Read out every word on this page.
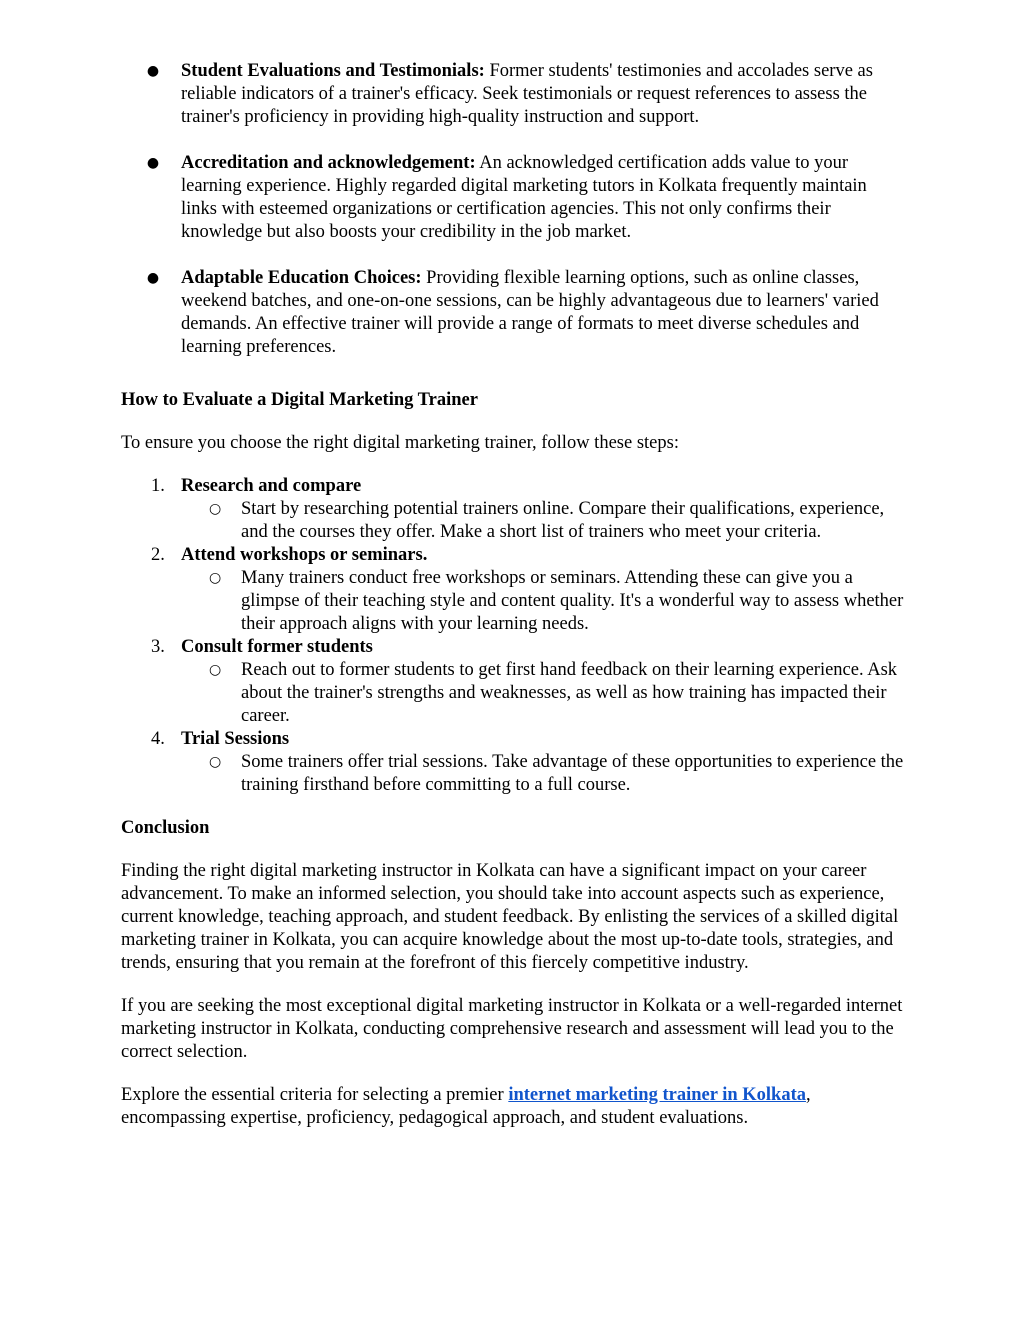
● Student Evaluations and Testimonials: Former students' testimonies and accolades serve as reliable indicators of a trainer's efficacy. Seek testimonials or request references to assess the trainer's proficiency in providing high-quality instruction and support.
● Accreditation and acknowledgement: An acknowledged certification adds value to your learning experience. Highly regarded digital marketing tutors in Kolkata frequently maintain links with esteemed organizations or certification agencies. This not only confirms their knowledge but also boosts your credibility in the job market.
● Adaptable Education Choices: Providing flexible learning options, such as online classes, weekend batches, and one-on-one sessions, can be highly advantageous due to learners' varied demands. An effective trainer will provide a range of formats to meet diverse schedules and learning preferences.
How to Evaluate a Digital Marketing Trainer

To ensure you choose the right digital marketing trainer, follow these steps:

1. Research and compare
○ Start by researching potential trainers online. Compare their qualifications, experience, and the courses they offer. Make a short list of trainers who meet your criteria.
2. Attend workshops or seminars.
○ Many trainers conduct free workshops or seminars. Attending these can give you a glimpse of their teaching style and content quality. It's a wonderful way to assess whether their approach aligns with your learning needs.
3. Consult former students
○ Reach out to former students to get first hand feedback on their learning experience. Ask about the trainer's strengths and weaknesses, as well as how training has impacted their career.
4. Trial Sessions
○ Some trainers offer trial sessions. Take advantage of these opportunities to experience the training firsthand before committing to a full course.
Conclusion

Finding the right digital marketing instructor in Kolkata can have a significant impact on your career advancement. To make an informed selection, you should take into account aspects such as experience, current knowledge, teaching approach, and student feedback. By enlisting the services of a skilled digital marketing trainer in Kolkata, you can acquire knowledge about the most up-to-date tools, strategies, and trends, ensuring that you remain at the forefront of this fiercely competitive industry.

If you are seeking the most exceptional digital marketing instructor in Kolkata or a well-regarded internet marketing instructor in Kolkata, conducting comprehensive research and assessment will lead you to the correct selection.

Explore the essential criteria for selecting a premier internet marketing trainer in Kolkata, encompassing expertise, proficiency, pedagogical approach, and student evaluations.
